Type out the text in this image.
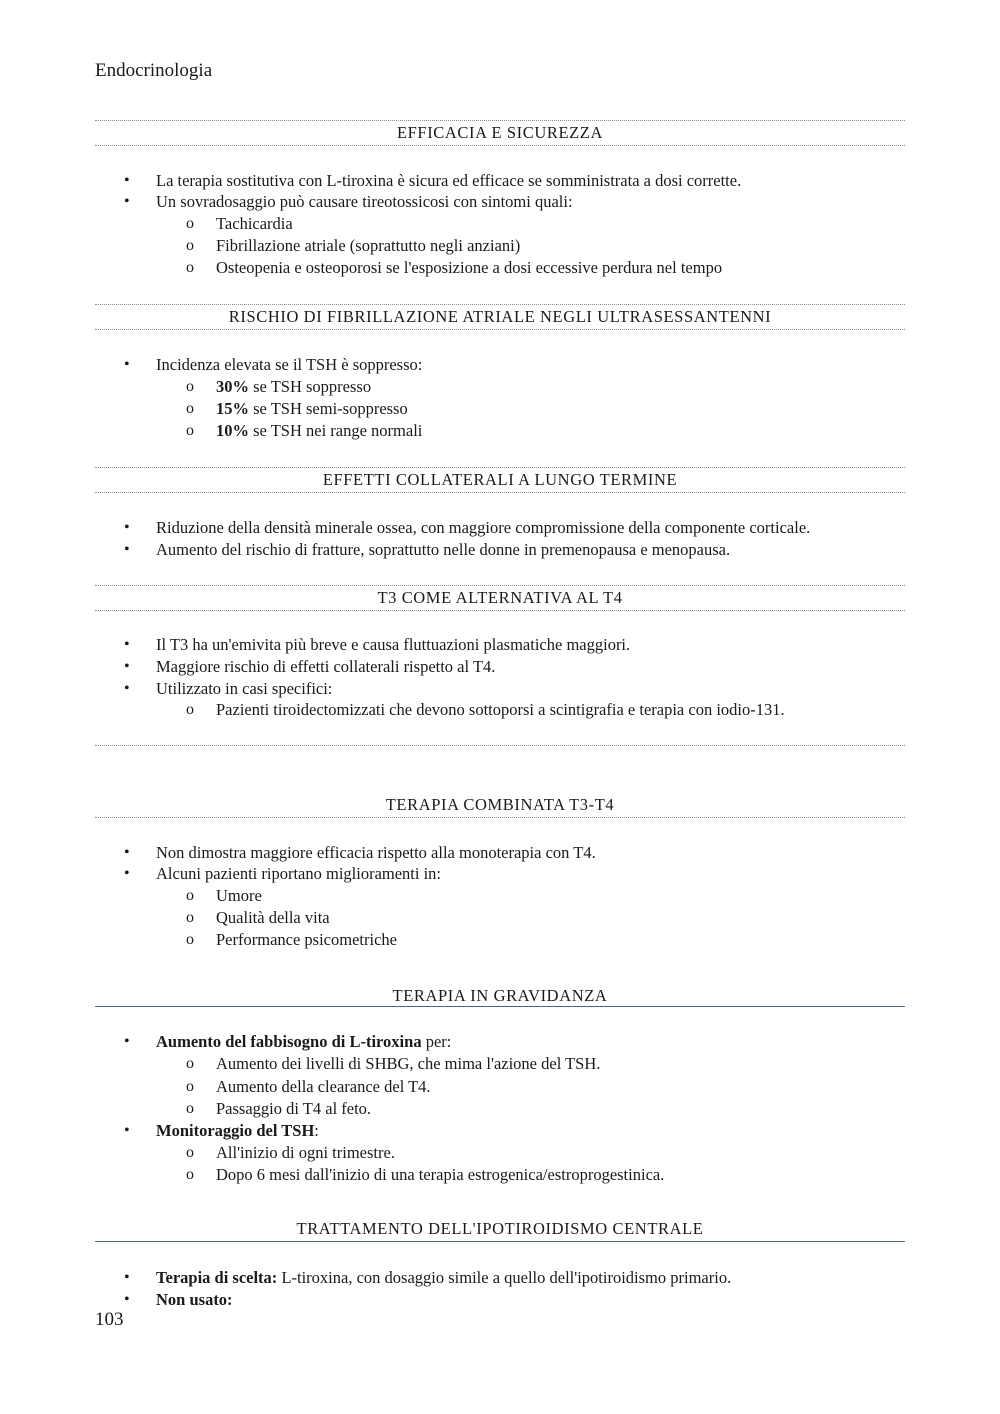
Endocrinologia
EFFICACIA E SICUREZZA
• La terapia sostitutiva con L-tiroxina è sicura ed efficace se somministrata a dosi corrette.
• Un sovradosaggio può causare tireotossicosi con sintomi quali:
o Tachicardia
o Fibrillazione atriale (soprattutto negli anziani)
o Osteopenia e osteoporosi se l'esposizione a dosi eccessive perdura nel tempo
RISCHIO DI FIBRILLAZIONE ATRIALE NEGLI ULTRASESSANTENNI
• Incidenza elevata se il TSH è soppresso:
o 30% se TSH soppresso
o 15% se TSH semi-soppresso
o 10% se TSH nei range normali
EFFETTI COLLATERALI A LUNGO TERMINE
• Riduzione della densità minerale ossea, con maggiore compromissione della componente corticale.
• Aumento del rischio di fratture, soprattutto nelle donne in premenopausa e menopausa.
T3 COME ALTERNATIVA AL T4
• Il T3 ha un'emivita più breve e causa fluttuazioni plasmatiche maggiori.
• Maggiore rischio di effetti collaterali rispetto al T4.
• Utilizzato in casi specifici:
o Pazienti tiroidectomizzati che devono sottoporsi a scintigrafia e terapia con iodio-131.
TERAPIA COMBINATA T3-T4
• Non dimostra maggiore efficacia rispetto alla monoterapia con T4.
• Alcuni pazienti riportano miglioramenti in:
o Umore
o Qualità della vita
o Performance psicometriche
TERAPIA IN GRAVIDANZA
• Aumento del fabbisogno di L-tiroxina per:
o Aumento dei livelli di SHBG, che mima l'azione del TSH.
o Aumento della clearance del T4.
o Passaggio di T4 al feto.
• Monitoraggio del TSH:
o All'inizio di ogni trimestre.
o Dopo 6 mesi dall'inizio di una terapia estrogenica/estroprogestinica.
TRATTAMENTO DELL'IPOTIROIDISMO CENTRALE
• Terapia di scelta: L-tiroxina, con dosaggio simile a quello dell'ipotiroidismo primario.
• Non usato:
103
